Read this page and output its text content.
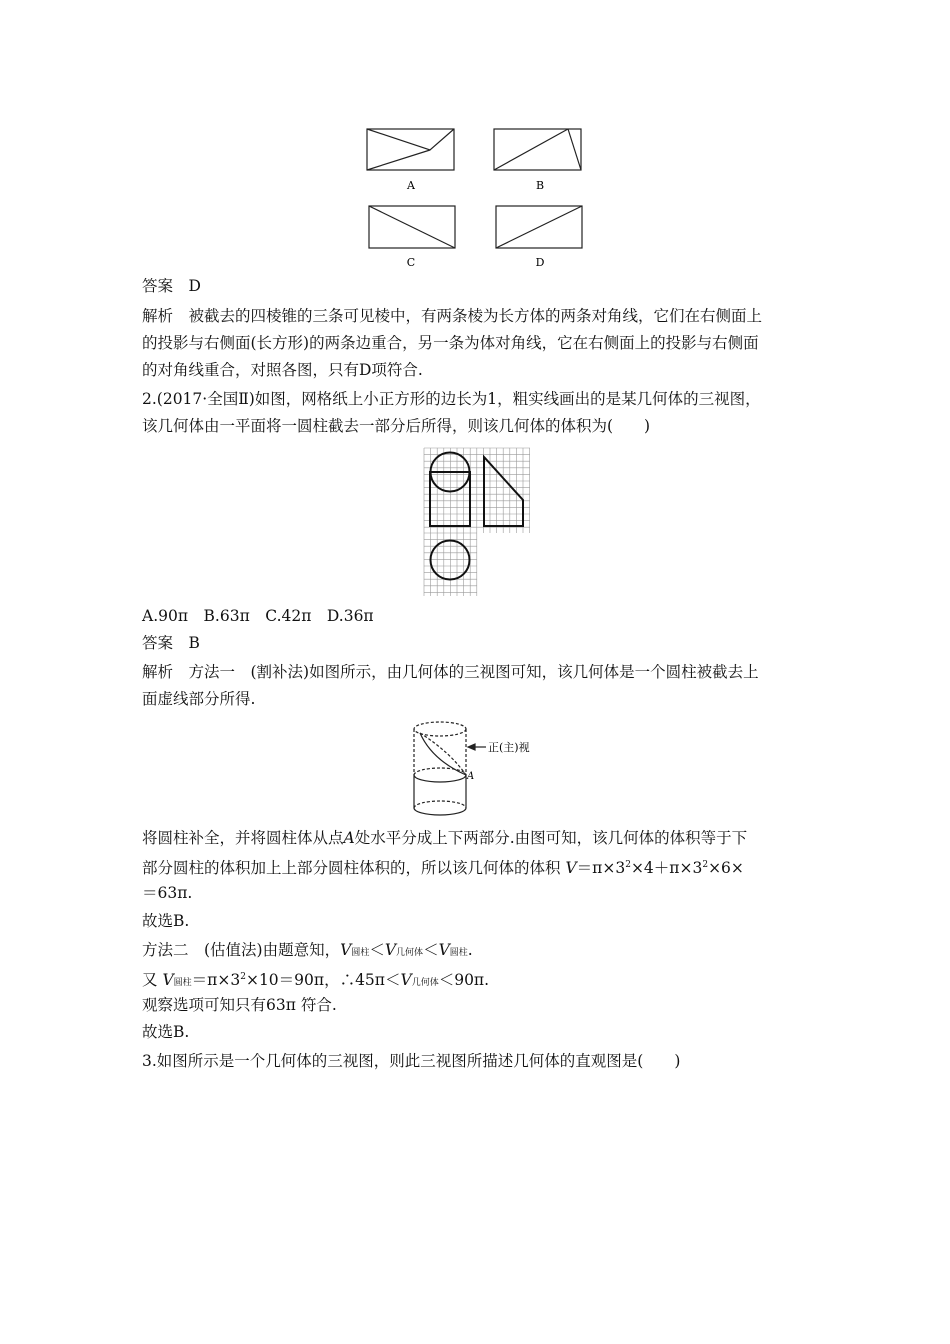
A	B
C	D
答案　D
解析　被截去的四棱锥的三条可见棱中，有两条棱为长方体的两条对角线，它们在右侧面上
的投影与右侧面(长方形)的两条边重合，另一条为体对角线，它在右侧面上的投影与右侧面
的对角线重合，对照各图，只有D项符合.
2.(2017·全国Ⅱ)如图，网格纸上小正方形的边长为1，粗实线画出的是某几何体的三视图，
该几何体由一平面将一圆柱截去一部分后所得，则该几何体的体积为(　　)
A.90π　B.63π　C.42π　D.36π
答案　B
解析　方法一　(割补法)如图所示，由几何体的三视图可知，该几何体是一个圆柱被截去上
面虚线部分所得.
正(主)视
A
将圆柱补全，并将圆柱体从点A处水平分成上下两部分.由图可知，该几何体的体积等于下
部分圆柱的体积加上上部分圆柱体积的，所以该几何体的体积 $V=\pi\times 3^2\times 4+\pi\times 3^2\times 6\times$
＝63π.
故选B.
方法二　(估值法)由题意知，V圆柱＜V几何体＜V圆柱.
又 V圆柱$=\pi\times 3^2\times 10=90\pi$，∴45π＜V几何体＜90π.
观察选项可知只有63π 符合.
故选B.
3.如图所示是一个几何体的三视图，则此三视图所描述几何体的直观图是(　　)
